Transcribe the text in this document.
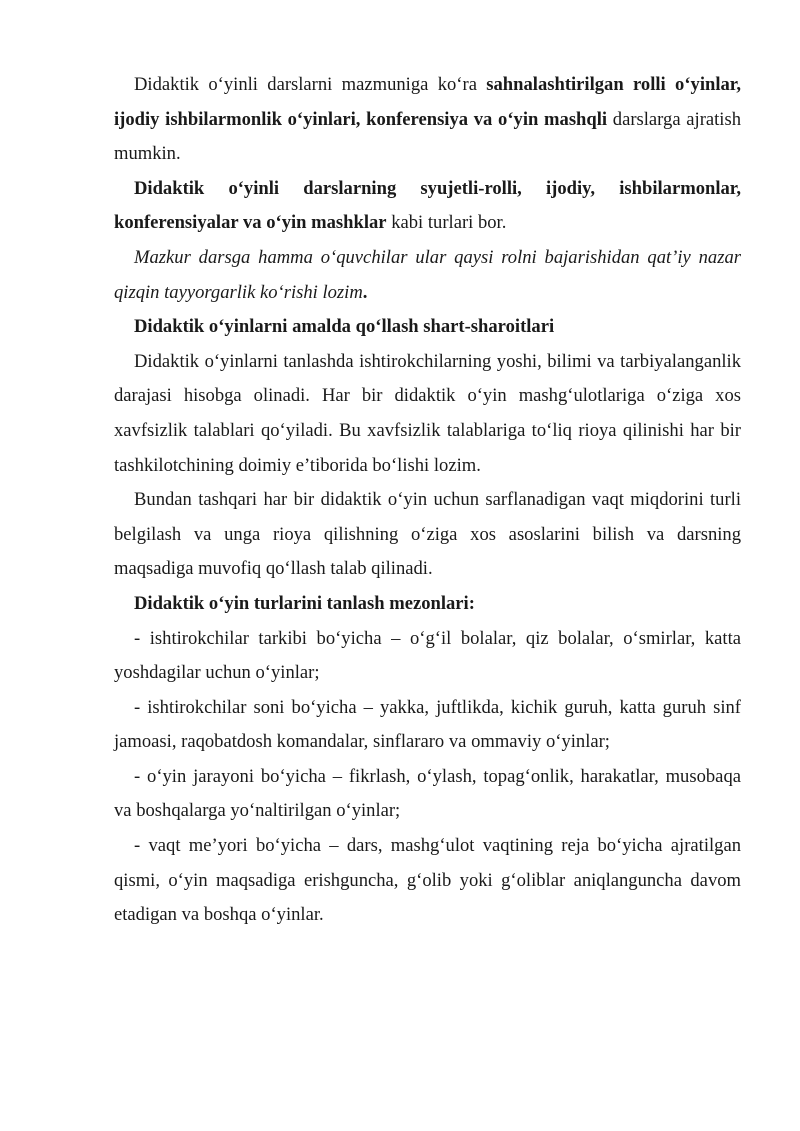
Didaktik o‘yinli darslarni mazmuniga ko‘ra sahnalashtirilgan rolli o‘yinlar, ijodiy ishbilarmonlik o‘yinlari, konferensiya va o‘yin mashqli darslarga ajratish mumkin.

Didaktik o‘yinli darslarning syujetli-rolli, ijodiy, ishbilarmonlar, konferensiyalar va o‘yin mashklar kabi turlari bor.

Mazkur darsga hamma o‘quvchilar ular qaysi rolni bajarishidan qat’iy nazar qizqin tayyorgarlik ko‘rishi lozim.

Didaktik o‘yinlarni amalda qo‘llash shart-sharoitlari

Didaktik o‘yinlarni tanlashda ishtirokchilarning yoshi, bilimi va tarbiyalanganlik darajasi hisobga olinadi. Har bir didaktik o‘yin mashg‘ulotlariga o‘ziga xos xavfsizlik talablari qo‘yiladi. Bu xavfsizlik talablariga to‘liq rioya qilinishi har bir tashkilotchining doimiy e’tiborida bo‘lishi lozim.

Bundan tashqari har bir didaktik o‘yin uchun sarflanadigan vaqt miqdorini turli belgilash va unga rioya qilishning o‘ziga xos asoslarini bilish va darsning maqsadiga muvofiq qo‘llash talab qilinadi.

Didaktik o‘yin turlarini tanlash mezonlari:

- ishtirokchilar tarkibi bo‘yicha – o‘g‘il bolalar, qiz bolalar, o‘smirlar, katta yoshdagilar uchun o‘yinlar;

- ishtirokchilar soni bo‘yicha – yakka, juftlikda, kichik guruh, katta guruh sinf jamoasi, raqobatdosh komandalar, sinflararo va ommaviy o‘yinlar;

- o‘yin jarayoni bo‘yicha – fikrlash, o‘ylash, topag‘onlik, harakatlar, musobaqa va boshqalarga yo‘naltirilgan o‘yinlar;

- vaqt me’yori bo‘yicha – dars, mashg‘ulot vaqtining reja bo‘yicha ajratilgan qismi, o‘yin maqsadiga erishguncha, g‘olib yoki g‘oliblar aniqlanguncha davom etadigan va boshqa o‘yinlar.
